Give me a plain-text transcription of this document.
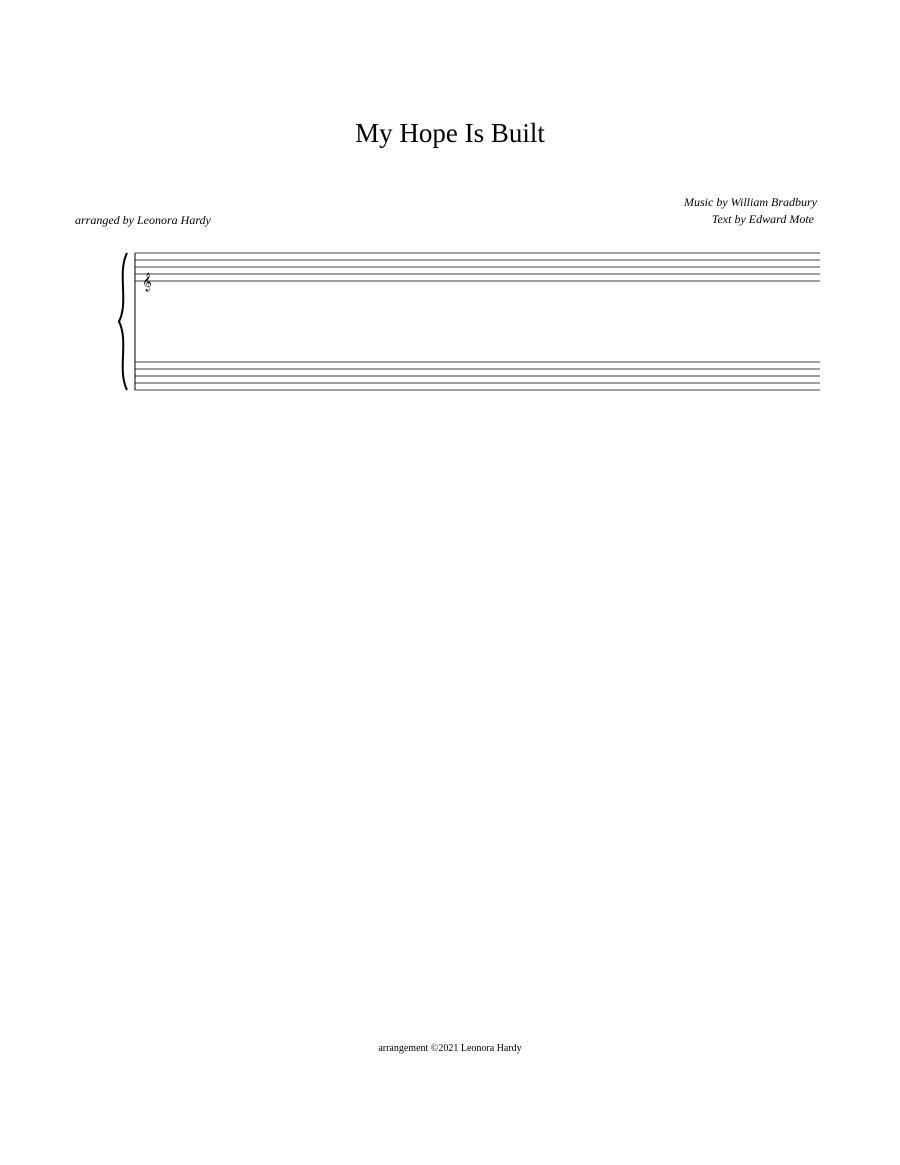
My Hope Is Built
Music by William Bradbury
Text by Edward Mote
arranged by Leonora Hardy
arrangement ©2021 Leonora Hardy
𝄞
